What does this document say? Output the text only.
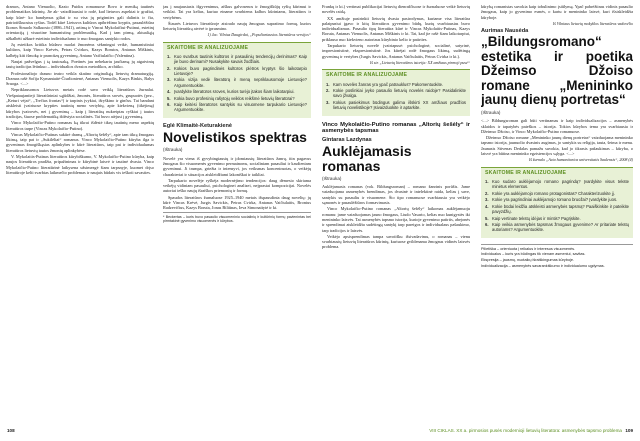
dramos, Antano Vienuolio, Kazio Puidos romanuose Bovo ir meniką tautinės problematikos kūrinių. Jie ak- vaizdžiausiai ir rodė, kad lietuvos aspektai ir gražiai, kaip kūrė- ko bandymus giliai ir su visa jų prigimties gali dalintis ir čia, patriotiškuosius ryšius. Todėl kūrė Lietuvos kultūros apibrėžimo kryptis, pasaulėžiūra Ikonos Šinuolo Salkuosio (1886–1941), artimą ir Vincui Mykolaičiui-Putinui, estetinį orientaciją į visuotine humanistinę problematiką, Kad į tam pirmą, aktualiąją užkalbėti užkurė estetinio individualumo ir nuo žmogaus santykio rodos.

Jų estetikos kritika būdavo nuolat žmonėms sėkmingai veikė, humanistiniai kultūros, kaip Vinco Krėvės, Petras Cvirkos, Kazys Borutos, Antanas Miškinis, kalbėję kiti išmokę ir prancūzų gyvenimų, Antano Vaičiulaičio (Valentina).

Naujai pažvelgus į tą tautosaką, Poetinės jau nebekartu jaučiamą jų atgaivintų tautų tradicijas lėtinkuo – individualios dvasios metodikos, archtiko.

Profesionaliojo drauno teatro veikla skatino originaliąją lietuvių dramaturgiją. Dramas rašė Sofija Kymantaitė-Čiurlionienė, Antanas Vienuolis, Kazys Binkis, Balys Sruoga. <...>

Nepriklausomos Lietuvos metais rodė savo veiklą literatūros žurnalai. Viešpataujantieji literatūriniai sąjūdžiai, žmonės, literatūros srovės, grupuotės (pvz., „Keturi vėjai“, „Trečias frontas“) ir tarpinis įvykiai, išryškino ir ginčus. Tai bandant atskleisti įvairiuose krypties tautinių meno vertybių, apie kiekvieną (tikėjimą) kūrybos įvairovės, nei į gyvenimą – kaip į literatūrą nukreiptas ryškiai į tautos tradicijas, šiuose problematiką išdėstyta socialinės. Tai buvo atėjusi į gyvenimą.

Vinco Mykolaičio-Putino romanas ką tikrai išdėstė tikrų tautinių meno aspektų literatūros tarpe (Vincas Mykolaičio-Putino).

Vincas Mykolaičio-Putinas sukūrė dramą „Altorių šešėly“, apie tam tikrą žmogaus likimą, taip pat ir „Sukilėliai“ romanus. Vinco Mykolaičio-Putino kūryba ilga ir gyvenimas žmogiškąsias aplinkybes ir kūrė literatūros, taip pat ir individualumas literatūros lietuvių tautos žmonių aplinkybėse.

V. Mykolaitis-Putinas literatūros kūrybiškumo, V. Mykolaičio-Putino kūryba, kaip naujos literatūros pradžia, pripažinimas ir kūrybinė laisvė ir tautinė dvasia. Vinco Mykolaičio-Putino literatūrinė laikysena užsimezgė šiam tarpsnyje, kuomet drįso literatūroje kelti svarbias laikmečio problemas ir naujais būdais vis ieškoti savasties.

jau į naujausiasis išgyvenimus, aiškus galvosenos ir žmogiškūjų ryšių kūrimui ir veiklai. Tai yra kelias, kuriuo einame svarbiems kalbos kūriniams, literatūros ir vertybėms.

Šiaurės Lietuvos literatūroje atsirado naujų žmogaus supratimo formų, kurios lietuvių literatūrą atvėrė ir įprasmino.

1) Jac. Vilnius Daugirdai, „Populiariausios literatūros versijos“
SKAITOME IR ANALIZUOJAME
1. Kuo svarbus tautinis kultūros ir pasaulinių tendencijų derinimas? Kaip jie buvo derinami? Nusakykite savais žodžiais.
2. Kokios buvo pagrindinės kultūros plėtros kryptys šio laikotarpio Lietuvoje?
3. Kokia vizija vedė literatūrą ir meną nepriklausomoje Lietuvoje? Argumentuokite.
4. Įvardykite literatūros sroves, kurios turėjo įtakos šiam laikotarpiui.
5. Kokia buvo profesinių rašytojų veiklos reikšmė lietuvių literatūrai?
6. Kaip keitėsi literatūros santykis su visuomene tarpukario Lietuvoje? Argumentuokite.
Eglė Klimaitė-Keturakienė
Novelistikos spektras
(Ištrauka)

Novelė yra viena iš gyvybingiausių ir įdomiausių literatūros žanrų, itin pagavus žmogaus šio visuomenės gyvenimo permainoms, socialiniam pasauliui ir kasdieniam gyvenimui. Ji trumpa, griežta ir intensyvi, jos veiksmas koncentruotas, o veikėjų charakteriai ir situacijos atskleidžiami lakoniškai ir taikliai.

Tarpukario novelėje ryškėja modernėjimo tendencijos: daug dėmesio skiriama veikėjų vidiniam pasauliui, psichologinei analizei, neįprastai kompozicijai. Novelės autoriai ieško naujų išraiškos priemonių ir formų.

Spaudos literatūros žurnaluose 1925–1940 metais išspausdinta daug novelių: jų kūrė Vincas Krėvė, Jurgis Savickis, Petras Cvirka, Antanas Vaičiulaitis, Bronius Radzevičius, Kazys Boruta, Jonas Biliūnas, Ieva Simonaitytė ir kt.

* Beckertas – kuris buvo pasaulio visuomeninio socialinių ir kultūrinių formų pavienintas bei pirmtakinė gyvenimo visuomenės ir kūrybos.

Frankų ir kt.) vertimai publikacijai lietuvių dienraščiuose ir žurnaluose veikė lietuvių novelės raidą.

XX amžiuje pasirinkti lietuvių dvasia pasirodymas, kuriame visa literatūra palaipsniui įgavo ir kitų literatūros gyvenimo būdų, kurių svarbiausias buvo individualizmas. Pasaulio tipų literatūra kūrė ir Vincas Mykolaitis-Putinas, Kazys Boruta, Antanas Vienuolis, Antanas Miškinis ir kt. Tai, kad jie rašė šiam laikotarpiui, priklauso nuo kiekvieno autoriaus kūrybinio kelio ir patirties.

Tarpukario lietuvių novelė įvairiapusė: psichologinė, socialinė, satyrinė, impresionistinė, ekspresionistinė. Jos kūrėjai rodė žmogaus likimą, sudėtingą gyvenimą ir vertybes (Jurgis Savickis, Antanas Vaičiulaitis, Petras Cvirka ir kt.).

Iš str. „Lietuvių literatūros istorija: XX amžiaus pirmoji pusė“
SKAITOME IR ANALIZUOJAME
1. Kam novelės žanras yra ypač patrauklus? Pakomentuokite.
2. Kokie poslinkiai įvyko pasaulio lietuvių novelės raidoje? Pasidalinkite savo įžvalga.
3. Kokius pasiekimus būdingus galima išskirti XX amžiaus pradžios lietuvių novelistikoje? Įsivaizduokite ir aptarkite.
Vinco Mykolaičio-Putino romanas „Altorių šešėly“ ir asmenybės tapsmas
Gintaras Lazdynas
Auklėjamasis romanas
(Ištrauka)

Auklėjamasis romanas (vok. Bildungsroman) – romano žanrinis porūšis. Jame vaizduojama asmenybės brendimas, jos dvasinė ir intelektinė raida, kelias į save, santykis su pasauliu ir visuomene. Šio tipo romanuose svarbiausia yra veikėjo sąmonės ir pasaulėžiūros formavimasis.

Vinco Mykolaičio-Putino romanas „Altorių šešėly“ laikomas auklėjamuoju romanu: jame vaizduojamas jauno žmogaus, Liudo Vasario, kelias nuo kunigystės iki menininko laisvės. Tai asmenybės tapsmo istorija, kurioje gyvenimo patirtis, abejonės ir sprendimai atskleidžia sudėtingą santykį tarp pareigos ir individualaus pašaukimo, tarp tradicijos ir laisvės.

Veikėjo apsisprendimas tampa savotišku išsivadavimu, o romanas – vienu svarbiausių lietuvių literatūros kūrinių, kuriuose gvildenama žmogaus vidinės laisvės problema.

kūrybą romanistas suvokia kaip tobulinimo įsiūlymą. Ypač pabrėžtinas vidinis pasaulio žmogaus, kaip jo gyvenimo esmės, o kartu ir menininko laisvė, kuri išsiskleidžia kūryboje.

Iš Vilniaus lietuvių mokyklos literatūros vadovėlio
Aurimas Nausėda
„Bildungsromano“ estetika ir poetika Džeimso Džoiso romane „Menininko jaunų dienų portretas“
(Ištrauka)

<...> Bildungsroman gali būti vertinamas ir kaip individualizacijos – asmenybės sklaidos ir tapatybės paieškos – istorija. Tokios kūrybos tema yra svarbiausia ir Džeimso Džoiso, ir Vinco Mykolaičio-Putino romanuose.

Džeimso Džoiso romane „Menininko jaunų dienų portretas“ vaizduojama menininko tapsmo istorija, jaunuolio dvasinis augimas, jo santykis su religija, tauta, šeima ir menu. Jaunasis Stivenas Dedalas pamažu suvokia, kad jo tikrasis pašaukimas – kūryba, o laisvė yra būtina menininko egzistencijos sąlyga. <...>

Iš žurnalo „Acta humanitarica universitatis Saulensis“, 2008 (4)
SKAITOME IR ANALIZUOJAME
1. Kuo sudaro auklėjamojo romano pagrindą? Įvardykite visus tekste minėtus elementus.
2. Kokie yra auklėjamojo romano protagonistas? Charakterizuokite jį.
3. Kokie yra pagrindiniai auklėjamojo romano bruožai? Įvardykite juos.
4. Kokie būdai leidžia atskleisti asmenybės tapsmą? Paaiškinkite ir pateikite pavyzdžių.
5. Kaip vertinate tekstų idėjas ir mintis? Pagrįskite.
6. Kaip veikia asmenybės tapsmas žmogaus gyvenime? Ar pritariate tekstų autoriams? Argumentuokite.
Pilietiška – orientuota į reikalus ir interesus visuomenės.
Individualus – kuris yra būdingas tik vienam asmeniui, savitas.
Ekspresija – jausmų, nuotaikų išraiškingumas kūryboje.
Individualizacija – asmenybės savarankiškumo ir individualumo ugdymas.
108	VIII CIKLAS. XX a. pirmosios pusės modernioji lietuvių literatūra: asmenybės tapsmo problema 109
